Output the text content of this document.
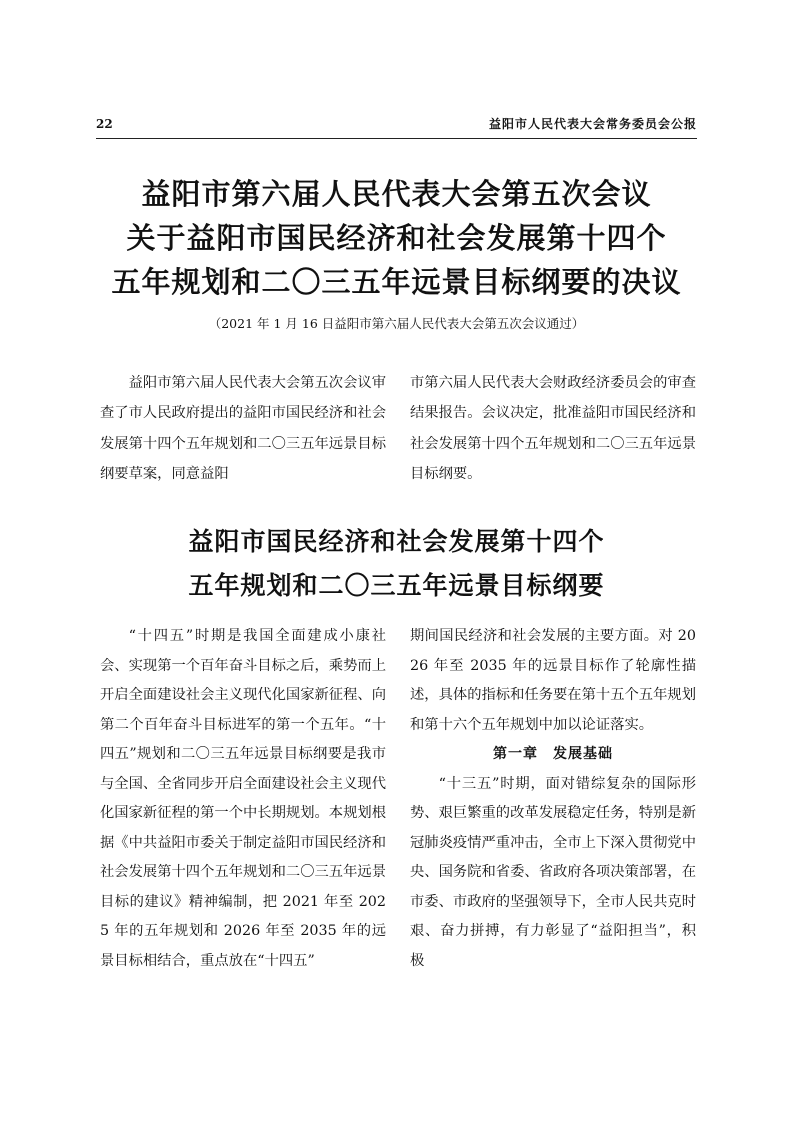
22	益阳市人民代表大会常务委员会公报
益阳市第六届人民代表大会第五次会议
关于益阳市国民经济和社会发展第十四个
五年规划和二〇三五年远景目标纲要的决议
（2021 年 1 月 16 日益阳市第六届人民代表大会第五次会议通过）

益阳市第六届人民代表大会第五次会议审查了市人民政府提出的益阳市国民经济和社会发展第十四个五年规划和二〇三五年远景目标纲要草案，同意益阳

市第六届人民代表大会财政经济委员会的审查结果报告。会议决定，批准益阳市国民经济和社会发展第十四个五年规划和二〇三五年远景目标纲要。

益阳市国民经济和社会发展第十四个
五年规划和二〇三五年远景目标纲要

“十四五”时期是我国全面建成小康社会、实现第一个百年奋斗目标之后，乘势而上开启全面建设社会主义现代化国家新征程、向第二个百年奋斗目标进军的第一个五年。“十四五”规划和二〇三五年远景目标纲要是我市与全国、全省同步开启全面建设社会主义现代化国家新征程的第一个中长期规划。本规划根据《中共益阳市委关于制定益阳市国民经济和社会发展第十四个五年规划和二〇三五年远景目标的建议》精神编制，把 2021 年至 2025 年的五年规划和 2026 年至 2035 年的远景目标相结合，重点放在“十四五”

期间国民经济和社会发展的主要方面。对 2026 年至 2035 年的远景目标作了轮廓性描述，具体的指标和任务要在第十五个五年规划和第十六个五年规划中加以论证落实。

第一章　发展基础

“十三五”时期，面对错综复杂的国际形势、艰巨繁重的改革发展稳定任务，特别是新冠肺炎疫情严重冲击，全市上下深入贯彻党中央、国务院和省委、省政府各项决策部署，在市委、市政府的坚强领导下，全市人民共克时艰、奋力拼搏，有力彰显了“益阳担当”，积极
